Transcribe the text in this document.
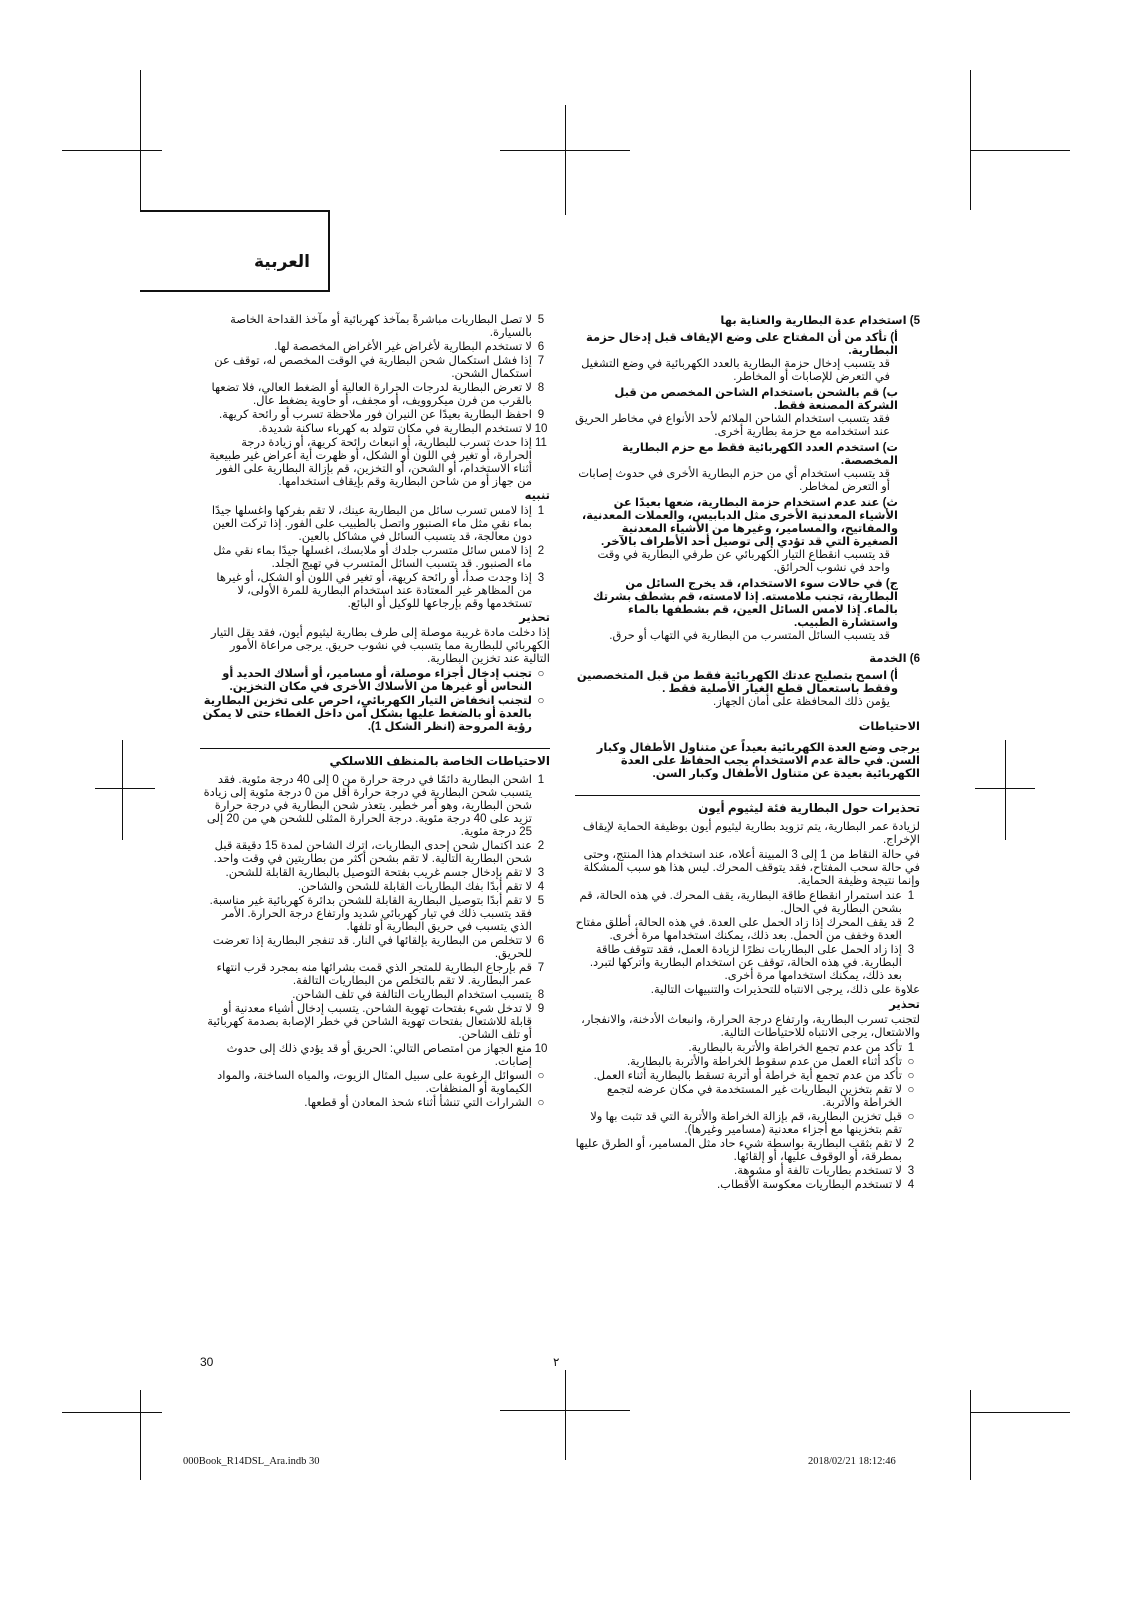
العربية
5) استخدام عدة البطارية والعناية بها
أ) تأكد من أن المفتاح على وضع الإيقاف قبل إدخال حزمة البطارية.
قد يتسبب إدخال حزمة البطارية بالعدد الكهربائية في وضع التشغيل في التعرض للإصابات أو المخاطر.
ب) قم بالشحن باستخدام الشاحن المخصص من قبل الشركة المصنعة فقط.
فقد يتسبب استخدام الشاحن الملائم لأحد الأنواع في مخاطر الحريق عند استخدامه مع حزمة بطارية أخرى.
ت) استخدم العدد الكهربائية فقط مع حزم البطارية المخصصة.
قد يتسبب استخدام أي من حزم البطارية الأخرى في حدوث إصابات أو التعرض لمخاطر.
ث) عند عدم استخدام حزمة البطارية، ضعها بعيدًا عن الأشياء المعدنية الأخرى مثل الدبابيس، والعملات المعدنية، والمفاتيح، والمسامير، وغيرها من الأشياء المعدنية الصغيرة التي قد تؤدي إلى توصيل أحد الأطراف بالآخر.
قد يتسبب انقطاع التيار الكهربائي عن طرفي البطارية في وقت واحد في نشوب الحرائق.
ج) في حالات سوء الاستخدام، قد يخرج السائل من البطارية، تجنب ملامسته. إذا لامسته، قم بشطف بشرتك بالماء. إذا لامس السائل العين، قم بشطفها بالماء واستشارة الطبيب.
قد يتسبب السائل المتسرب من البطارية في التهاب أو حرق.
6) الخدمة
أ) اسمح بتصليح عدتك الكهربائية فقط من قبل المتخصصين وفقط باستعمال قطع الغيار الأصلية فقط .
يؤمن ذلك المحافظة على أمان الجهاز.
الاحتياطات
يرجى وضع العدة الكهربائية بعيداً عن متناول الأطفال وكبار السن. في حالة عدم الاستخدام يجب الحفاظ على العدة الكهربائية بعيدة عن متناول الأطفال وكبار السن.
تحذيرات حول البطارية فئة ليثيوم أيون
لزيادة عمر البطارية، يتم تزويد بطارية ليثيوم أيون بوظيفة الحماية لإيقاف الإخراج.
في حالة النقاط من 1 إلى 3 المبينة أعلاه، عند استخدام هذا المنتج، وحتى في حالة سحب المفتاح، فقد يتوقف المحرك. ليس هذا هو سبب المشكلة وإنما نتيجة وظيفة الحماية.
1
عند استمرار انقطاع طاقة البطارية، يقف المحرك. في هذه الحالة، قم بشحن البطارية في الحال.
2
قد يقف المحرك إذا زاد الحمل على العدة. في هذه الحالة، أطلق مفتاح العدة وخفف من الحمل. بعد ذلك، يمكنك استخدامها مرة أخرى.
3
إذا زاد الحمل على البطاريات نظرًا لزيادة العمل، فقد تتوقف طاقة البطارية. في هذه الحالة، توقف عن استخدام البطارية واتركها لتبرد. بعد ذلك، يمكنك استخدامها مرة أخرى.
علاوة على ذلك، يرجى الانتباه للتحذيرات والتنبيهات التالية.
تحذير
لتجنب تسرب البطارية، وارتفاع درجة الحرارة، وانبعاث الأدخنة، والانفجار، والاشتعال، يرجى الانتباه للاحتياطات التالية.
1
تأكد من عدم تجمع الخراطة والأتربة بالبطارية.
○
تأكد أثناء العمل من عدم سقوط الخراطة والأتربة بالبطارية.
○
تأكد من عدم تجمع أية خراطة أو أتربة تسقط بالبطارية أثناء العمل.
○
لا تقم بتخزين البطاريات غير المستخدمة في مكان عرضه لتجمع الخراطة والأتربة.
○
قبل تخزين البطارية، قم بإزالة الخراطة والأتربة التي قد تثبت بها ولا تقم بتخزينها مع أجزاء معدنية (مسامير وغيرها).
2
لا تقم بثقب البطارية بواسطة شيء حاد مثل المسامير، أو الطرق عليها بمطرقة، أو الوقوف عليها، أو إلقائها.
3
لا تستخدم بطاريات تالفة أو مشوهة.
4
لا تستخدم البطاريات معكوسة الأقطاب.
5
لا تصل البطاريات مباشرةً بمآخذ كهربائية أو مآخذ القداحة الخاصة بالسيارة.
6
لا تستخدم البطارية لأغراض غير الأغراض المخصصة لها.
7
إذا فشل استكمال شحن البطارية في الوقت المخصص له، توقف عن استكمال الشحن.
8
لا تعرض البطارية لدرجات الحرارة العالية أو الضغط العالي، فلا تضعها بالقرب من فرن ميكروويف، أو مجفف، أو حاوية يضغط عال.
9
احفظ البطارية بعيدًا عن النيران فور ملاحظة تسرب أو رائحة كريهة.
10
لا تستخدم البطارية في مكان تتولد به كهرباء ساكنة شديدة.
11
إذا حدث تسرب للبطارية، أو انبعاث رائحة كريهة، أو زيادة درجة الحرارة، أو تغير في اللون أو الشكل، أو ظهرت أية أعراض غير طبيعية أثناء الاستخدام، أو الشحن، أو التخزين، قم بإزالة البطارية على الفور من جهاز أو من شاحن البطارية وقم بإيقاف استخدامها.
تنبيه
1
إذا لامس تسرب سائل من البطارية عينك، لا تقم بفركها واغسلها جيدًا بماء نقي مثل ماء الصنبور واتصل بالطبيب على الفور. إذا تركت العين دون معالجة، قد يتسبب السائل في مشاكل بالعين.
2
إذا لامس سائل متسرب جلدك أو ملابسك، اغسلها جيدًا بماء نقي مثل ماء الصنبور. قد يتسبب السائل المتسرب في تهيج الجلد.
3
إذا وجدت صدأ، أو رائحة كريهة، أو تغير في اللون أو الشكل، أو غيرها من المظاهر غير المعتادة عند استخدام البطارية للمرة الأولى، لا تستخدمها وقم بإرجاعها للوكيل أو البائع.
تحذير
إذا دخلت مادة غريبة موصلة إلى طرف بطارية ليثيوم أيون، فقد يقل التيار الكهربائي للبطارية مما يتسبب في نشوب حريق. يرجى مراعاة الأمور التالية عند تخزين البطارية.
○
تجنب إدخال أجزاء موصلة، أو مسامير، أو أسلاك الحديد أو النحاس أو غيرها من الأسلاك الأخرى في مكان التخزين.
○
لتجنب انخفاض التيار الكهربائي، احرص على تخزين البطارية بالعدة أو بالضغط عليها بشكل آمن داخل الغطاء حتى لا يمكن رؤية المروحة (انظر الشكل 1).
الاحتياطات الخاصة بالمنظف اللاسلكي
1
اشحن البطارية دائمًا في درجة حرارة من 0 إلى 40 درجة مئوية. فقد يتسبب شحن البطارية في درجة حرارة أقل من 0 درجة مئوية إلى زيادة شحن البطارية، وهو أمر خطير. يتعذر شحن البطارية في درجة حرارة تزيد على 40 درجة مئوية. درجة الحرارة المثلى للشحن هي من 20 إلى 25 درجة مئوية.
2
عند اكتمال شحن إحدى البطاريات، اترك الشاحن لمدة 15 دقيقة قبل شحن البطارية التالية. لا تقم بشحن أكثر من بطاريتين في وقت واحد.
3
لا تقم بإدخال جسم غريب بفتحة التوصيل بالبطارية القابلة للشحن.
4
لا تقم أبدًا بفك البطاريات القابلة للشحن والشاحن.
5
لا تقم أبدًا بتوصيل البطارية القابلة للشحن بدائرة كهربائية غير مناسبة. فقد يتسبب ذلك في تيار كهربائي شديد وارتفاع درجة الحرارة. الأمر الذي يتسبب في حريق البطارية أو تلفها.
6
لا تتخلص من البطارية بإلقائها في النار. قد تنفجر البطارية إذا تعرضت للحريق.
7
قم بإرجاع البطارية للمتجر الذي قمت بشرائها منه بمجرد قرب انتهاء عمر البطارية. لا تقم بالتخلص من البطاريات التالفة.
8
يتسبب استخدام البطاريات التالفة في تلف الشاحن.
9
لا تدخل شيء بفتحات تهوية الشاحن. يتسبب إدخال أشياء معدنية أو قابلة للاشتعال بفتحات تهوية الشاحن في خطر الإصابة بصدمة كهربائية أو تلف الشاحن.
10
منع الجهاز من امتصاص التالي: الحريق أو قد يؤدي ذلك إلى حدوث إصابات.
○
السوائل الرغوية على سبيل المثال الزيوت، والمياه الساخنة، والمواد الكيماوية أو المنظفات.
○
الشرارات التي تنشأ أثناء شحذ المعادن أو قطعها.
30	٢
000Book_R14DSL_Ara.indb 30	2018/02/21 18:12:46
